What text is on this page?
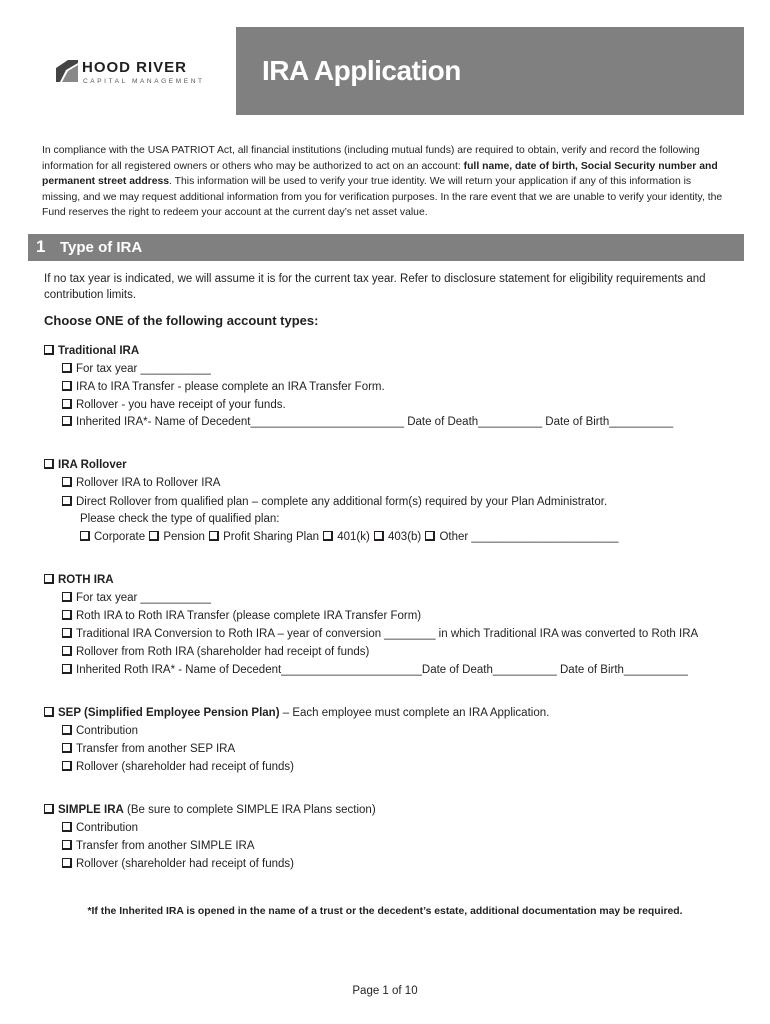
HOOD RIVER
CAPITAL MANAGEMENT IRA Application
In compliance with the USA PATRIOT Act, all financial institutions (including mutual funds) are required to obtain, verify and record the following information for all registered owners or others who may be authorized to act on an account: full name, date of birth, Social Security number and permanent street address. This information will be used to verify your true identity. We will return your application if any of this information is missing, and we may request additional information from you for verification purposes. In the rare event that we are unable to verify your identity, the Fund reserves the right to redeem your account at the current day’s net asset value.
1 Type of IRA
If no tax year is indicated, we will assume it is for the current tax year. Refer to disclosure statement for eligibility requirements and contribution limits.
Choose ONE of the following account types:
Traditional IRA
For tax year ___________
IRA to IRA Transfer - please complete an IRA Transfer Form.
Rollover - you have receipt of your funds.
Inherited IRA*- Name of Decedent________________________ Date of Death__________ Date of Birth__________
IRA Rollover
Rollover IRA to Rollover IRA
Direct Rollover from qualified plan – complete any additional form(s) required by your Plan Administrator.
Please check the type of qualified plan:
Corporate Pension Profit Sharing Plan 401(k) 403(b) Other _______________________
ROTH IRA
For tax year ___________
Roth IRA to Roth IRA Transfer (please complete IRA Transfer Form)
Traditional IRA Conversion to Roth IRA – year of conversion ________ in which Traditional IRA was converted to Roth IRA
Rollover from Roth IRA (shareholder had receipt of funds)
Inherited Roth IRA* - Name of Decedent______________________Date of Death__________ Date of Birth__________
SEP (Simplified Employee Pension Plan) – Each employee must complete an IRA Application.
Contribution
Transfer from another SEP IRA
Rollover (shareholder had receipt of funds)
SIMPLE IRA (Be sure to complete SIMPLE IRA Plans section)
Contribution
Transfer from another SIMPLE IRA
Rollover (shareholder had receipt of funds)
*If the Inherited IRA is opened in the name of a trust or the decedent’s estate, additional documentation may be required.
Page 1 of 10
